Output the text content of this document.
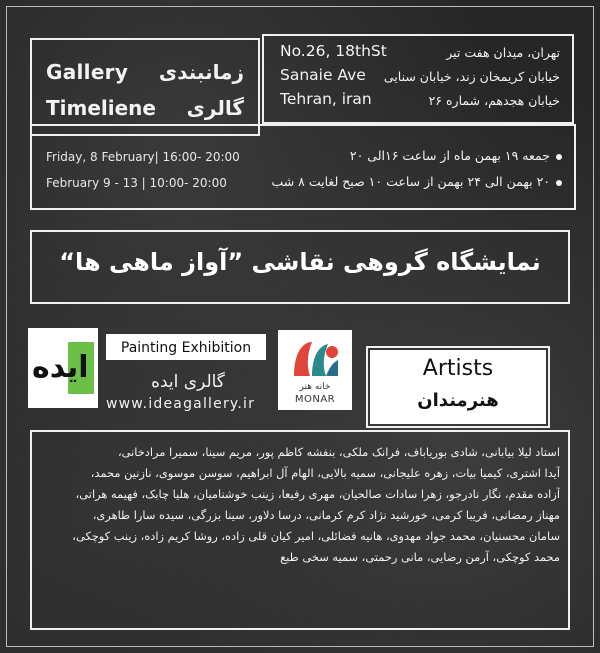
Gallery زمانبندی
Timeliene گالری
No.26, 18thSt
Sanaie Ave
Tehran, iran
تهران، میدان هفت تیر
خیابان کریمخان زند، خیابان سنایی
خیابان هجدهم، شماره ۲۶
Friday, 8 February| 16:00- 20:00
February 9 - 13 | 10:00- 20:00
جمعه ۱۹ بهمن ماه از ساعت ۱۶الی ۲۰
۲۰ بهمن الی ۲۴ بهمن از ساعت ۱۰ صبح لغایت ۸ شب
نمایشگاه گروهی نقاشی ”آواز ماهی ها“
ایده
Painting Exhibition
گالری ایده
www.ideagallery.ir
خانه هنر
MONAR
Artists
هنرمندان
استاد لیلا بیابانی، شادی بوریاباف، فرانک ملکی، بنفشه کاظم پور، مریم سینا، سمیرا مرادخانی،
آیدا اشتری، کیمیا بیات، زهره علیجانی، سمیه بالایی، الهام آل ابراهیم، سوسن موسوی، نازنین محمد،
آزاده مقدم، نگار نادرجو، زهرا سادات صالحیان، مهری رفیعا، زینب خوشنامیان، هلیا چابک، فهیمه هراتی،
مهناز رمضانی، فریبا کرمی، خورشید نژاد کرم کرمانی، درسا دلاور، سینا بزرگی، سیده سارا طاهری،
سامان محسنیان، محمد جواد مهدوی، هانیه فضائلی، امیر کیان قلی زاده، روشا کریم زاده، زینب کوچکی،
محمد کوچکی، آرمن رضایی، مانی رحمتی، سمیه سخی طبع
